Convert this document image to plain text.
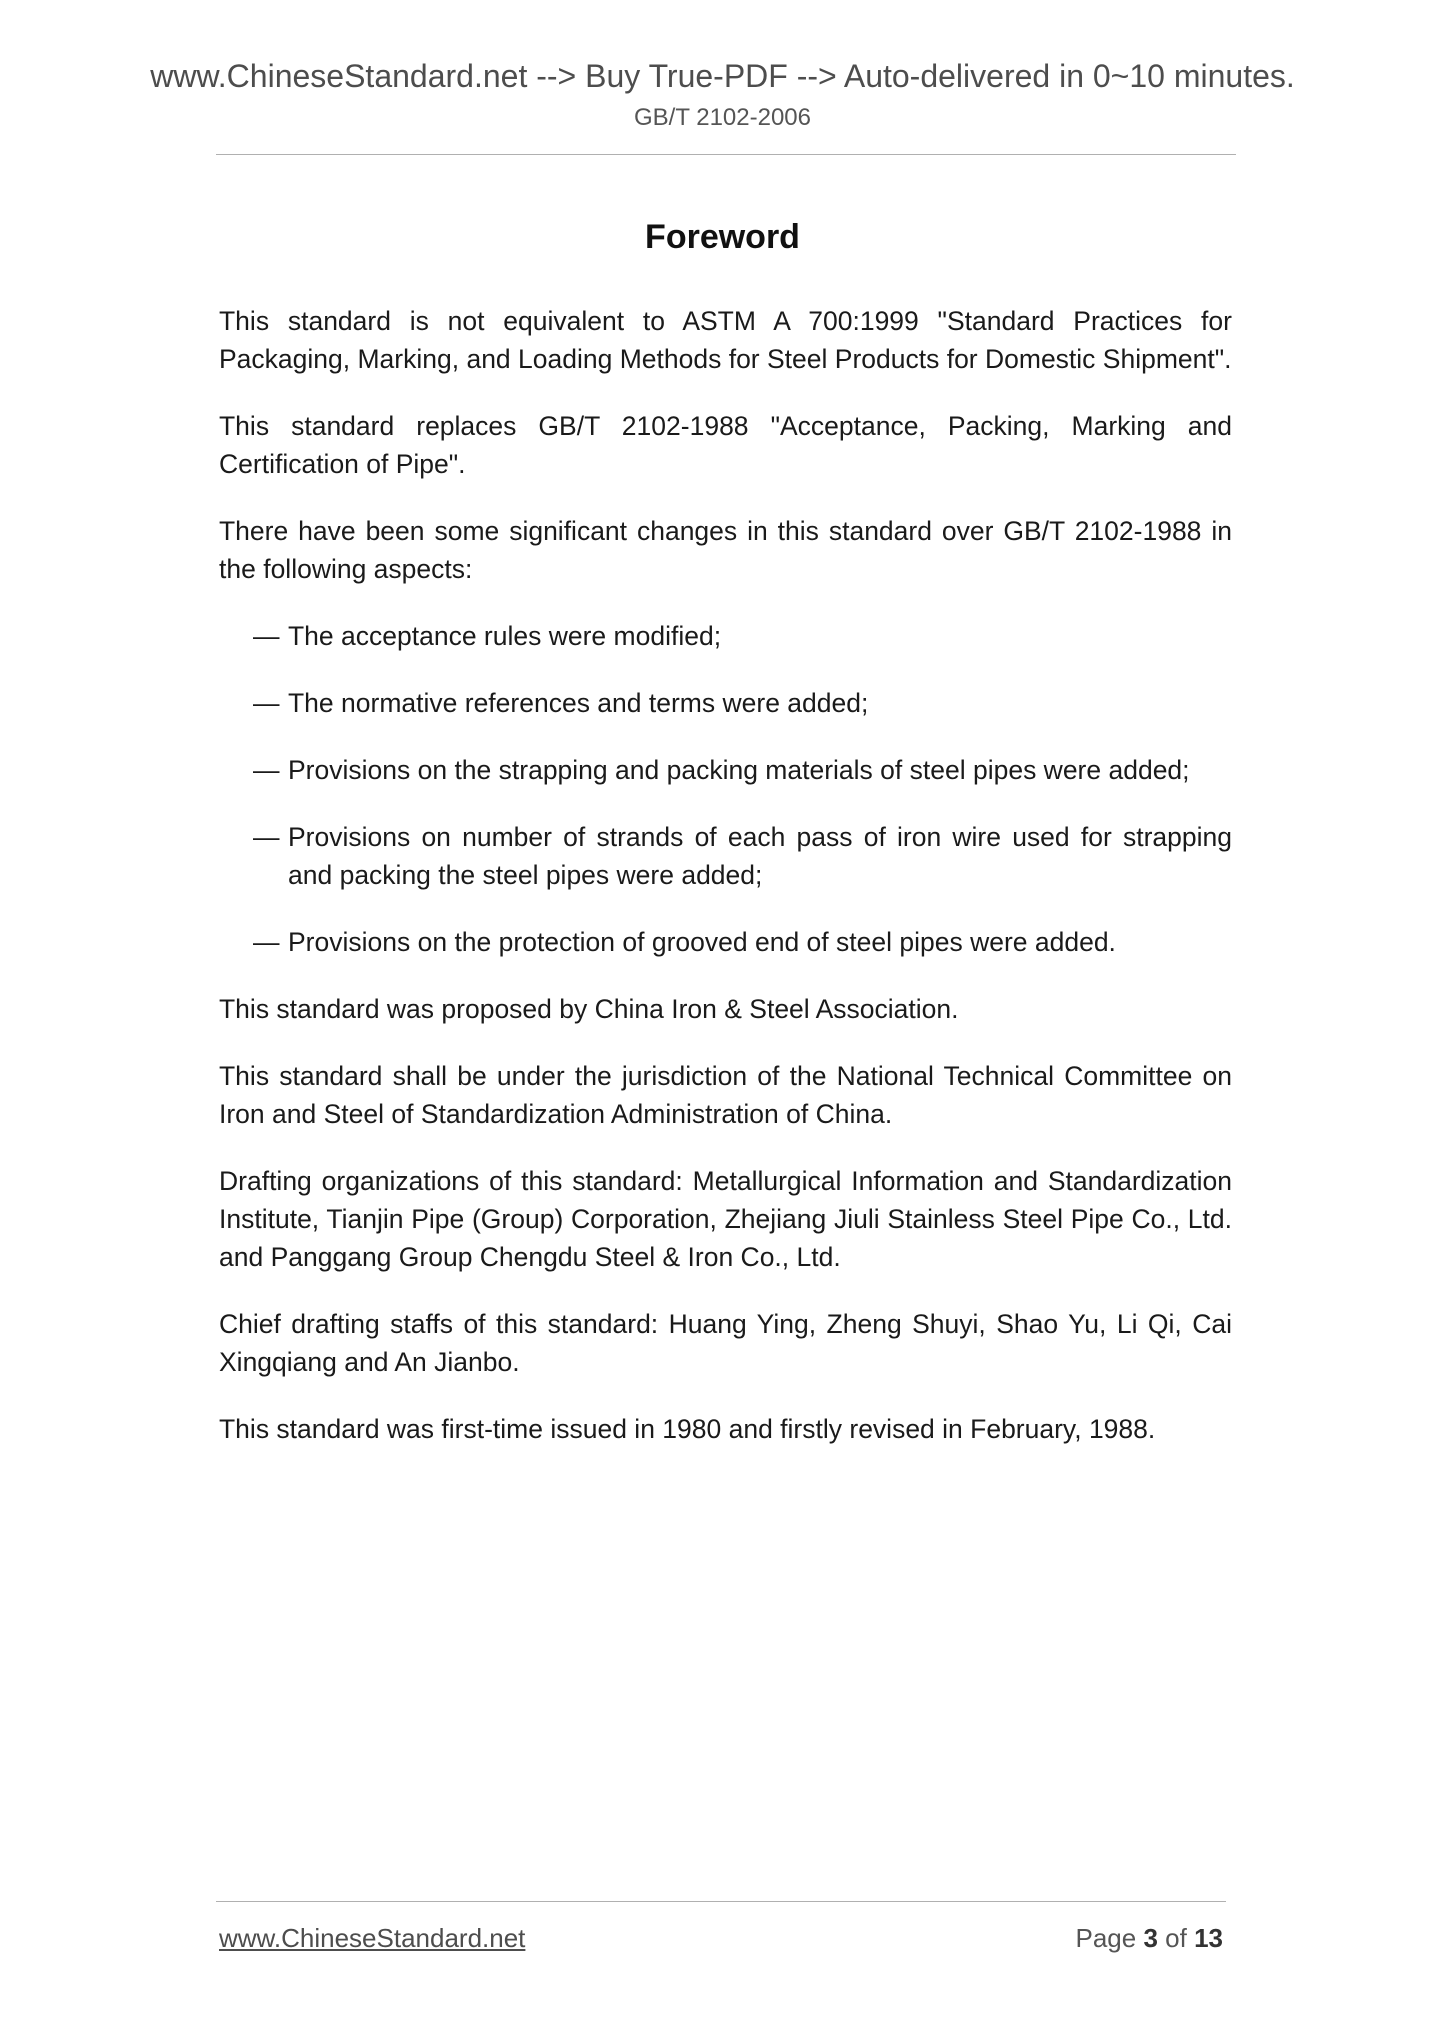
www.ChineseStandard.net --> Buy True-PDF --> Auto-delivered in 0~10 minutes.
GB/T 2102-2006
Foreword

This standard is not equivalent to ASTM A 700:1999 "Standard Practices for Packaging, Marking, and Loading Methods for Steel Products for Domestic Shipment".

This standard replaces GB/T 2102-1988 "Acceptance, Packing, Marking and Certification of Pipe".

There have been some significant changes in this standard over GB/T 2102-1988 in the following aspects:

— The acceptance rules were modified;
— The normative references and terms were added;
— Provisions on the strapping and packing materials of steel pipes were added;
— Provisions on number of strands of each pass of iron wire used for strapping and packing the steel pipes were added;
— Provisions on the protection of grooved end of steel pipes were added.

This standard was proposed by China Iron & Steel Association.

This standard shall be under the jurisdiction of the National Technical Committee on Iron and Steel of Standardization Administration of China.

Drafting organizations of this standard: Metallurgical Information and Standardization Institute, Tianjin Pipe (Group) Corporation, Zhejiang Jiuli Stainless Steel Pipe Co., Ltd. and Panggang Group Chengdu Steel & Iron Co., Ltd.

Chief drafting staffs of this standard: Huang Ying, Zheng Shuyi, Shao Yu, Li Qi, Cai Xingqiang and An Jianbo.

This standard was first-time issued in 1980 and firstly revised in February, 1988.

www.ChineseStandard.net	Page 3 of 13
